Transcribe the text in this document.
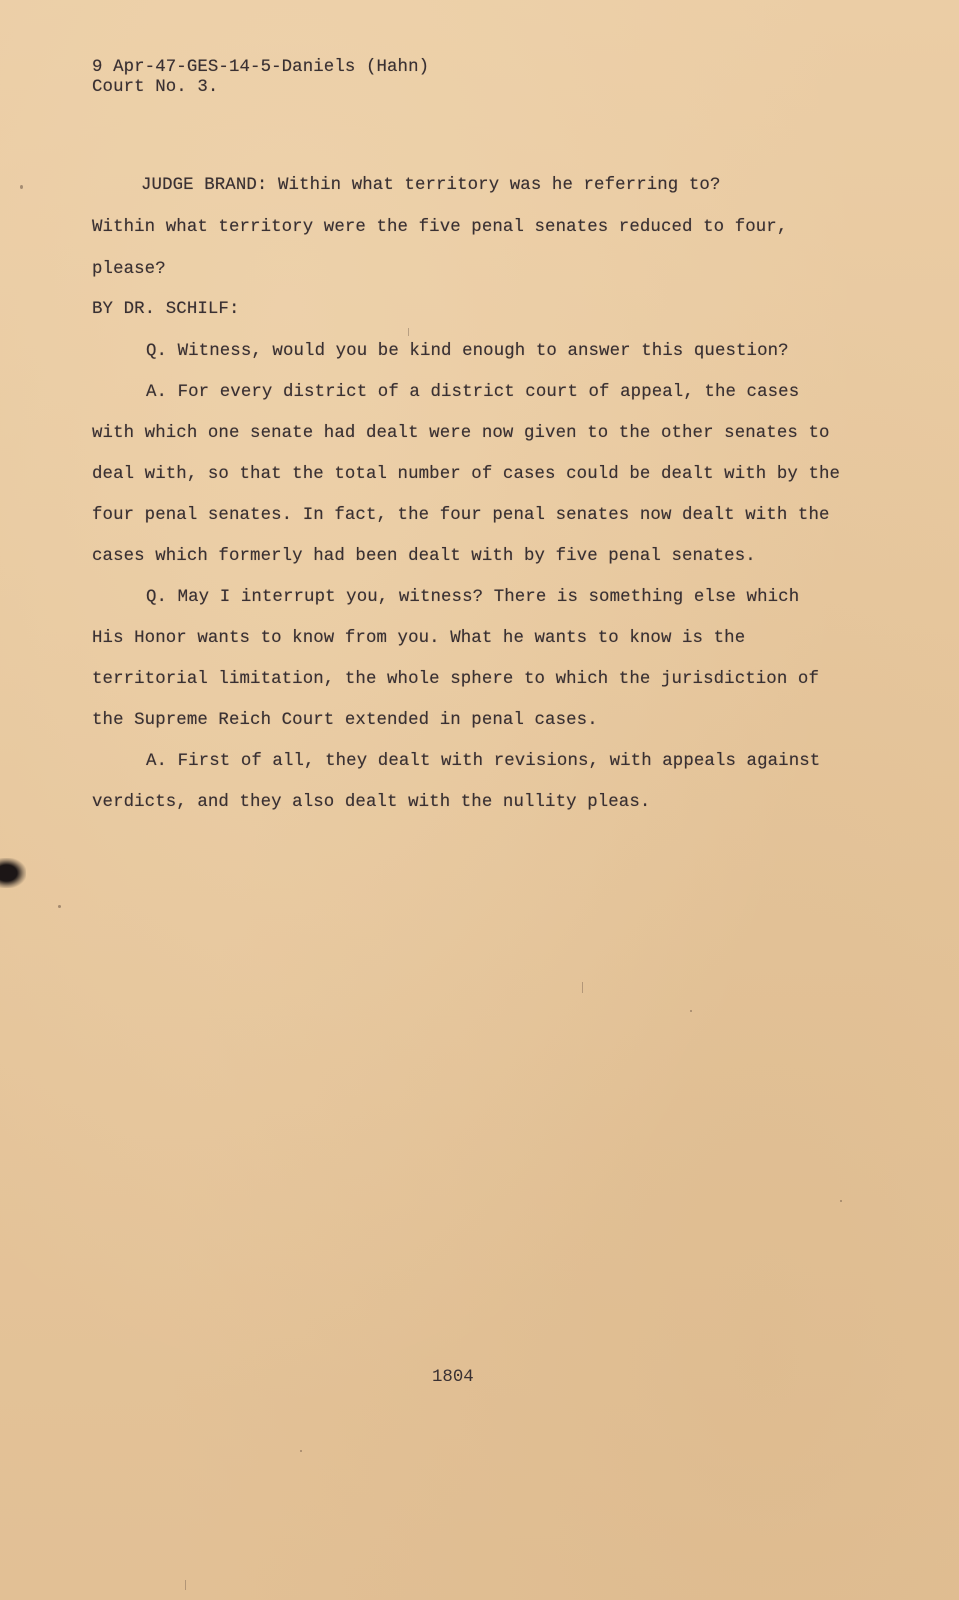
9 Apr-47-GES-14-5-Daniels (Hahn)
Court No. 3.
JUDGE BRAND: Within what territory was he referring to?
Within what territory were the five penal senates reduced to four,
please?
BY DR. SCHILF:
Q. Witness, would you be kind enough to answer this question?
A. For every district of a district court of appeal, the cases
with which one senate had dealt were now given to the other senates to
deal with, so that the total number of cases could be dealt with by the
four penal senates. In fact, the four penal senates now dealt with the
cases which formerly had been dealt with by five penal senates.
Q. May I interrupt you, witness? There is something else which
His Honor wants to know from you. What he wants to know is the
territorial limitation, the whole sphere to which the jurisdiction of
the Supreme Reich Court extended in penal cases.
A. First of all, they dealt with revisions, with appeals against
verdicts, and they also dealt with the nullity pleas.
1804
